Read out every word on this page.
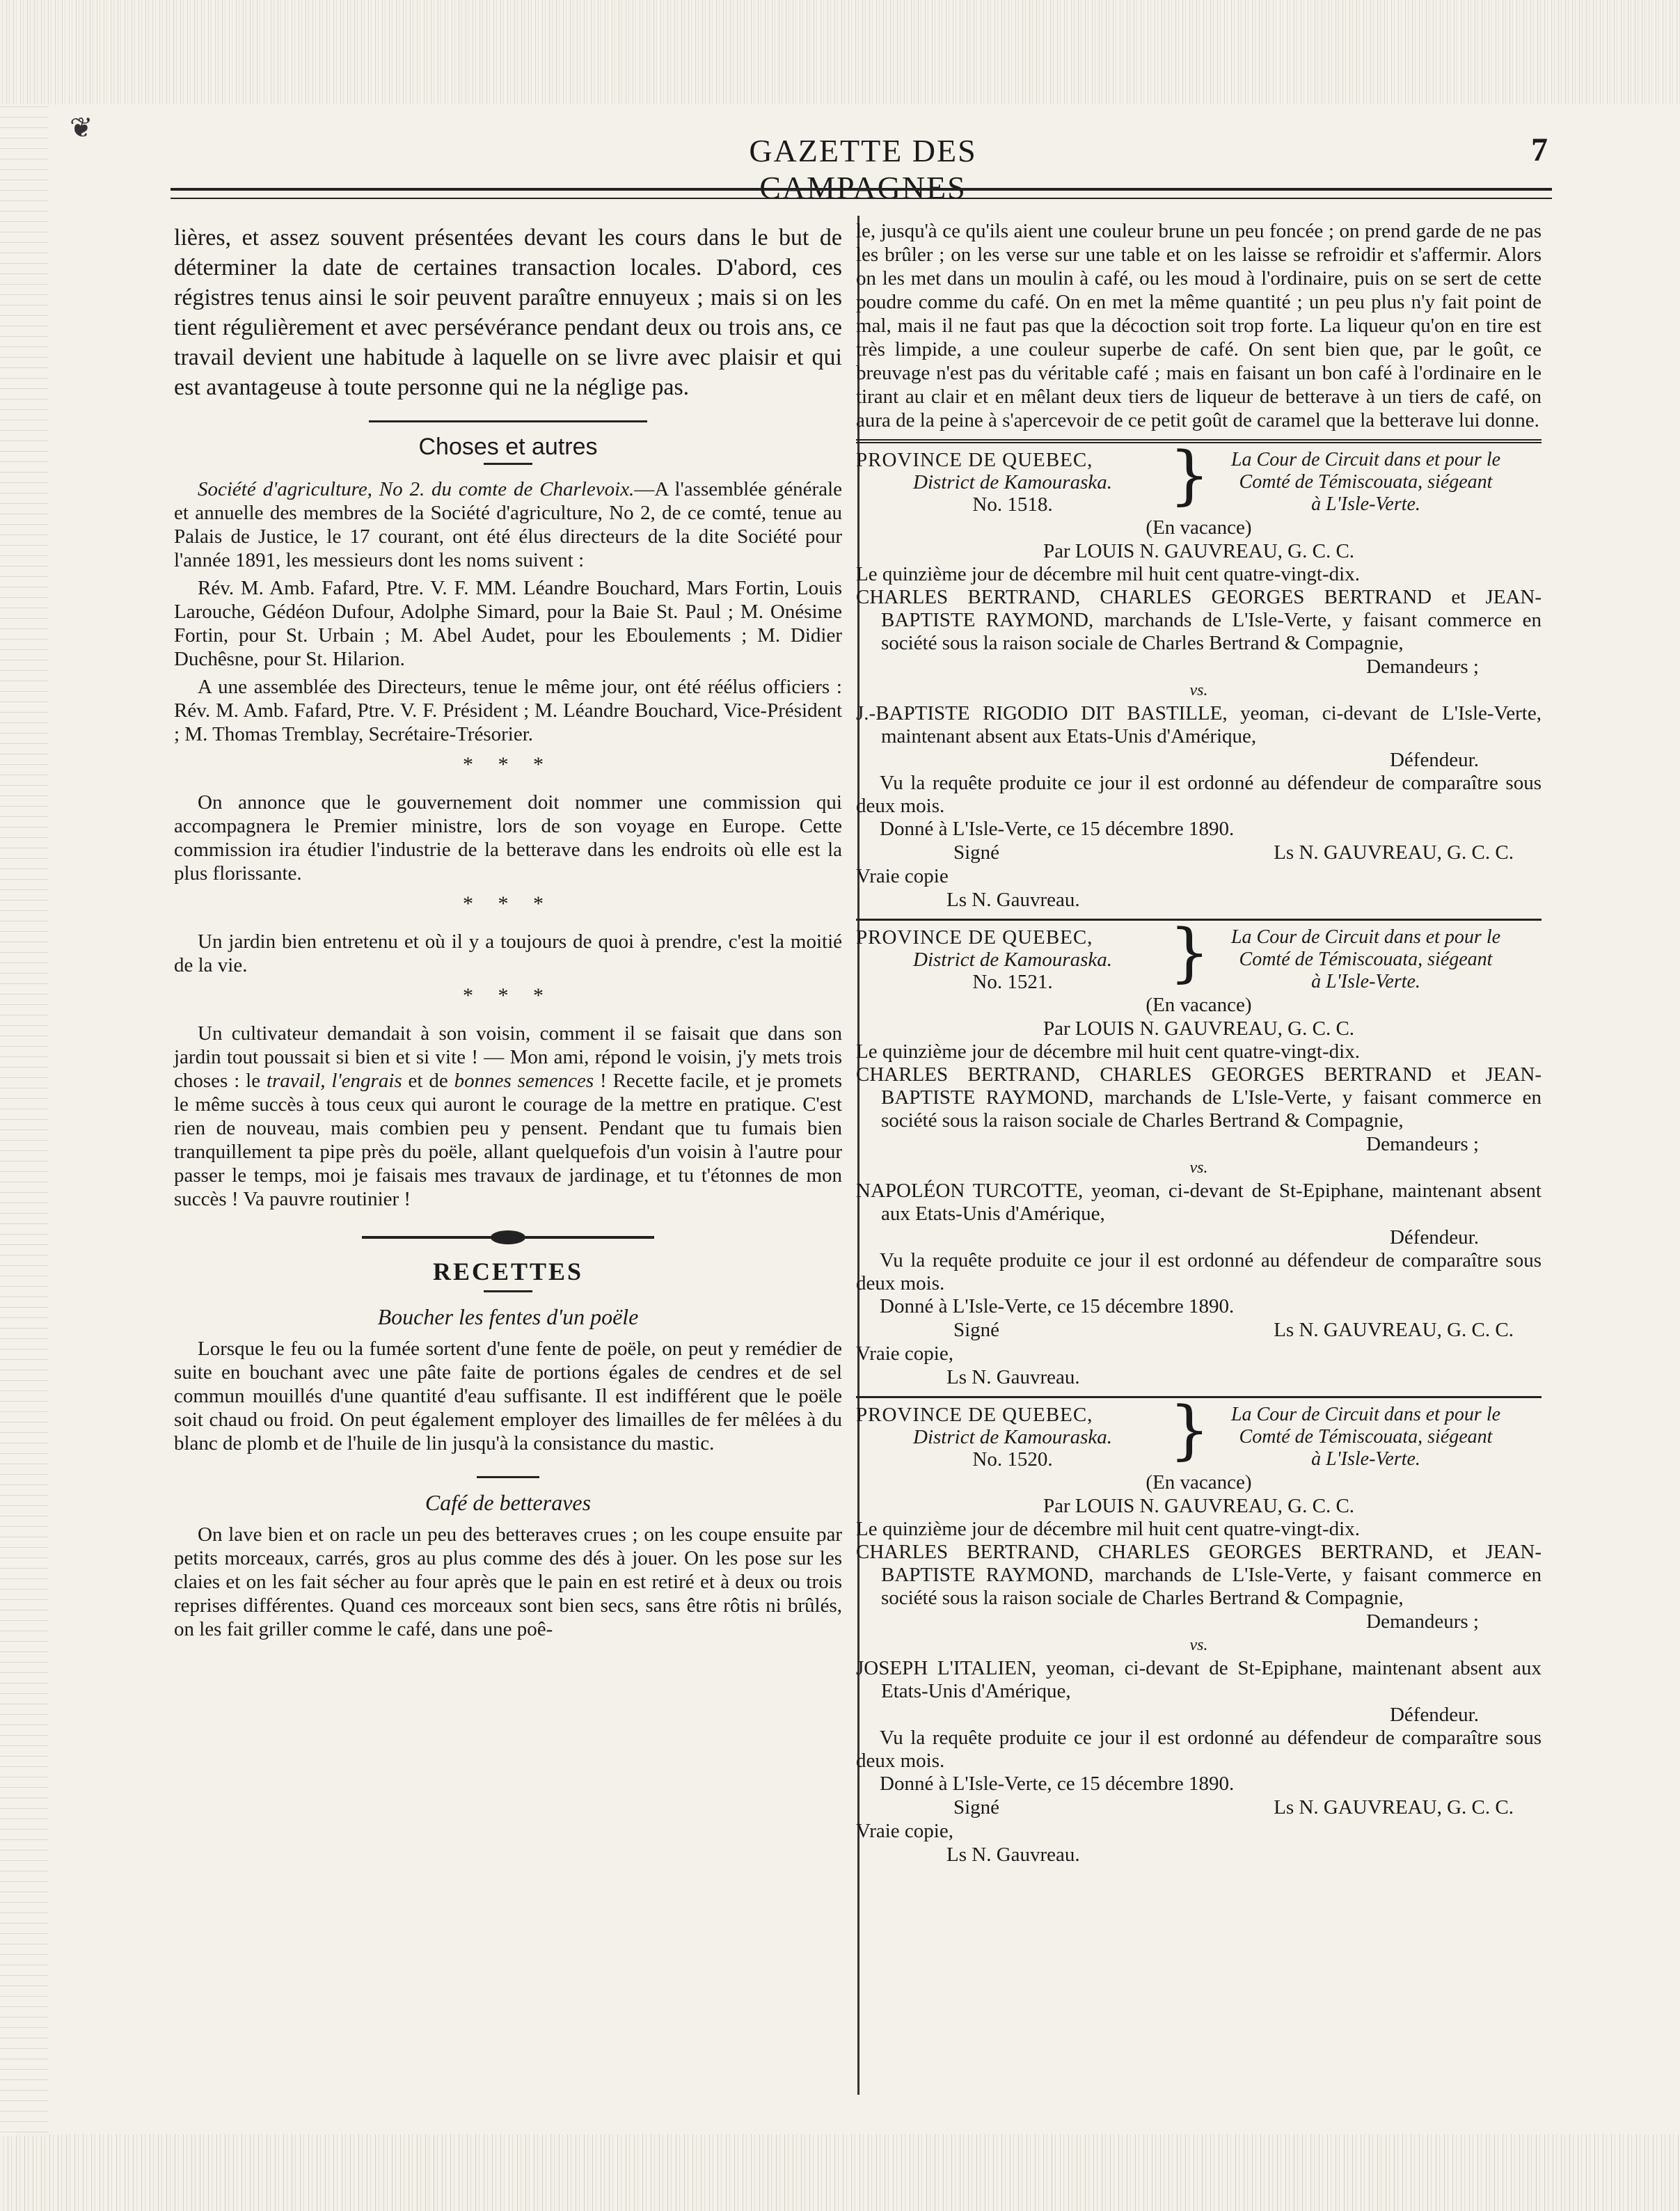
❦
GAZETTE DES CAMPAGNES
7

lières, et assez souvent présentées devant les cours dans le but de déterminer la date de certaines transaction locales. D'abord, ces régistres tenus ainsi le soir peuvent paraître ennuyeux ; mais si on les tient régulièrement et avec persévérance pendant deux ou trois ans, ce travail devient une habitude à laquelle on se livre avec plaisir et qui est avantageuse à toute personne qui ne la néglige pas.

Choses et autres

Société d'agriculture, No 2. du comte de Charlevoix.—A l'assemblée générale et annuelle des membres de la Société d'agriculture, No 2, de ce comté, tenue au Palais de Justice, le 17 courant, ont été élus directeurs de la dite Société pour l'année 1891, les messieurs dont les noms suivent :

Rév. M. Amb. Fafard, Ptre. V. F. MM. Léandre Bouchard, Mars Fortin, Louis Larouche, Gédéon Dufour, Adolphe Simard, pour la Baie St. Paul ; M. Onésime Fortin, pour St. Urbain ; M. Abel Audet, pour les Eboulements ; M. Didier Duchêsne, pour St. Hilarion.

A une assemblée des Directeurs, tenue le même jour, ont été réélus officiers : Rév. M. Amb. Fafard, Ptre. V. F. Président ; M. Léandre Bouchard, Vice-Président ; M. Thomas Tremblay, Secrétaire-Trésorier.

* * *

On annonce que le gouvernement doit nommer une commission qui accompagnera le Premier ministre, lors de son voyage en Europe. Cette commission ira étudier l'industrie de la betterave dans les endroits où elle est la plus florissante.

* * *

Un jardin bien entretenu et où il y a toujours de quoi à prendre, c'est la moitié de la vie.

* * *

Un cultivateur demandait à son voisin, comment il se faisait que dans son jardin tout poussait si bien et si vite ! — Mon ami, répond le voisin, j'y mets trois choses : le travail, l'engrais et de bonnes semences ! Recette facile, et je promets le même succès à tous ceux qui auront le courage de la mettre en pratique. C'est rien de nouveau, mais combien peu y pensent. Pendant que tu fumais bien tranquillement ta pipe près du poële, allant quelquefois d'un voisin à l'autre pour passer le temps, moi je faisais mes travaux de jardinage, et tu t'étonnes de mon succès ! Va pauvre routinier !

RECETTES
Boucher les fentes d'un poële

Lorsque le feu ou la fumée sortent d'une fente de poële, on peut y remédier de suite en bouchant avec une pâte faite de portions égales de cendres et de sel commun mouillés d'une quantité d'eau suffisante. Il est indifférent que le poële soit chaud ou froid. On peut également employer des limailles de fer mêlées à du blanc de plomb et de l'huile de lin jusqu'à la consistance du mastic.

Café de betteraves

On lave bien et on racle un peu des betteraves crues ; on les coupe ensuite par petits morceaux, carrés, gros au plus comme des dés à jouer. On les pose sur les claies et on les fait sécher au four après que le pain en est retiré et à deux ou trois reprises différentes. Quand ces morceaux sont bien secs, sans être rôtis ni brûlés, on les fait griller comme le café, dans une poê-

le, jusqu'à ce qu'ils aient une couleur brune un peu foncée ; on prend garde de ne pas les brûler ; on les verse sur une table et on les laisse se refroidir et s'affermir. Alors on les met dans un moulin à café, ou les moud à l'ordinaire, puis on se sert de cette poudre comme du café. On en met la même quantité ; un peu plus n'y fait point de mal, mais il ne faut pas que la décoction soit trop forte. La liqueur qu'on en tire est très limpide, a une couleur superbe de café. On sent bien que, par le goût, ce breuvage n'est pas du véritable café ; mais en faisant un bon café à l'ordinaire en le tirant au clair et en mêlant deux tiers de liqueur de betterave à un tiers de café, on aura de la peine à s'apercevoir de ce petit goût de caramel que la betterave lui donne.

PROVINCE DE QUEBEC,
District de Kamouraska.
No. 1518.	}	La Cour de Circuit dans et pour le
Comté de Témiscouata, siégeant
à L'Isle-Verte.
(En vacance)
Par LOUIS N. GAUVREAU, G. C. C.

Le quinzième jour de décembre mil huit cent quatre-vingt-dix.

CHARLES BERTRAND, CHARLES GEORGES BERTRAND et JEAN-BAPTISTE RAYMOND, marchands de L'Isle-Verte, y faisant commerce en société sous la raison sociale de Charles Bertrand & Compagnie,

Demandeurs ;
vs.

J.-BAPTISTE RIGODIO DIT BASTILLE, yeoman, ci-devant de L'Isle-Verte, maintenant absent aux Etats-Unis d'Amérique,

Défendeur.

Vu la requête produite ce jour il est ordonné au défendeur de comparaître sous deux mois.

Donné à L'Isle-Verte, ce 15 décembre 1890.

Signé	Ls N. GAUVREAU, G. C. C.
Vraie copie
Ls N. Gauvreau.
PROVINCE DE QUEBEC,
District de Kamouraska.
No. 1521.	}	La Cour de Circuit dans et pour le
Comté de Témiscouata, siégeant
à L'Isle-Verte.
(En vacance)
Par LOUIS N. GAUVREAU, G. C. C.

Le quinzième jour de décembre mil huit cent quatre-vingt-dix.

CHARLES BERTRAND, CHARLES GEORGES BERTRAND et JEAN-BAPTISTE RAYMOND, marchands de L'Isle-Verte, y faisant commerce en société sous la raison sociale de Charles Bertrand & Compagnie,

Demandeurs ;
vs.

NAPOLÉON TURCOTTE, yeoman, ci-devant de St-Epiphane, maintenant absent aux Etats-Unis d'Amérique,

Défendeur.

Vu la requête produite ce jour il est ordonné au défendeur de comparaître sous deux mois.

Donné à L'Isle-Verte, ce 15 décembre 1890.

Signé	Ls N. GAUVREAU, G. C. C.
Vraie copie,
Ls N. Gauvreau.
PROVINCE DE QUEBEC,
District de Kamouraska.
No. 1520.	}	La Cour de Circuit dans et pour le
Comté de Témiscouata, siégeant
à L'Isle-Verte.
(En vacance)
Par LOUIS N. GAUVREAU, G. C. C.

Le quinzième jour de décembre mil huit cent quatre-vingt-dix.

CHARLES BERTRAND, CHARLES GEORGES BERTRAND, et JEAN-BAPTISTE RAYMOND, marchands de L'Isle-Verte, y faisant commerce en société sous la raison sociale de Charles Bertrand & Compagnie,

Demandeurs ;
vs.

JOSEPH L'ITALIEN, yeoman, ci-devant de St-Epiphane, maintenant absent aux Etats-Unis d'Amérique,

Défendeur.

Vu la requête produite ce jour il est ordonné au défendeur de comparaître sous deux mois.

Donné à L'Isle-Verte, ce 15 décembre 1890.

Signé	Ls N. GAUVREAU, G. C. C.
Vraie copie,
Ls N. Gauvreau.
